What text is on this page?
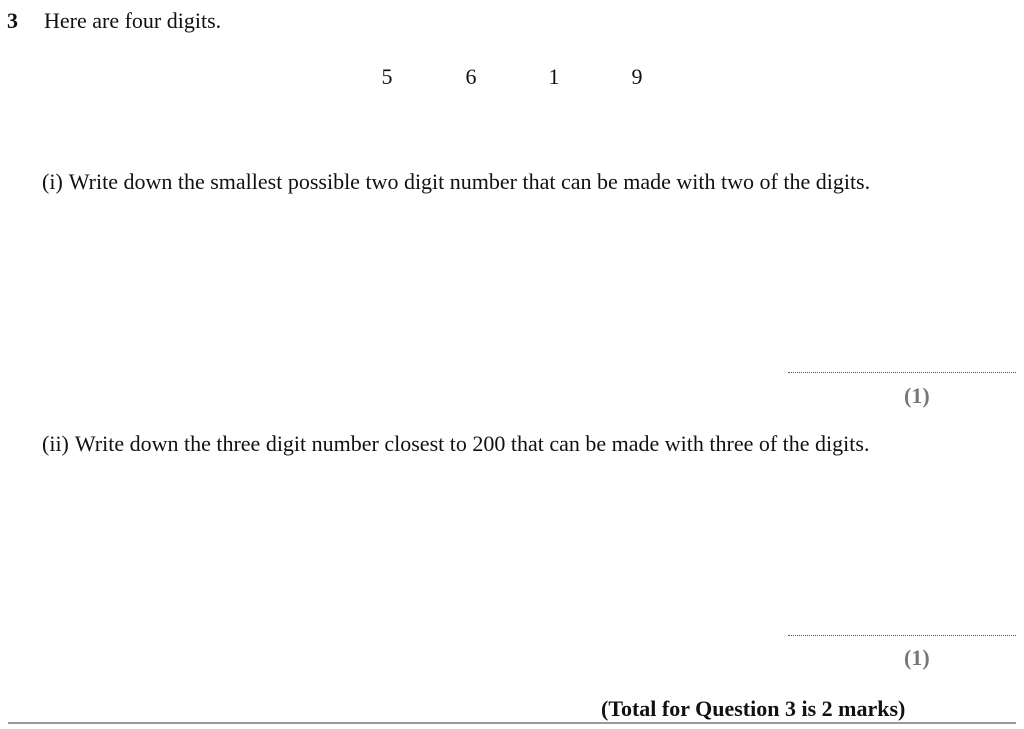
3 Here are four digits.
5	6	1	9
(i) Write down the smallest possible two digit number that can be made with two of the digits.
(1)
(ii) Write down the three digit number closest to 200 that can be made with three of the digits.
(1)
(Total for Question 3 is 2 marks)
